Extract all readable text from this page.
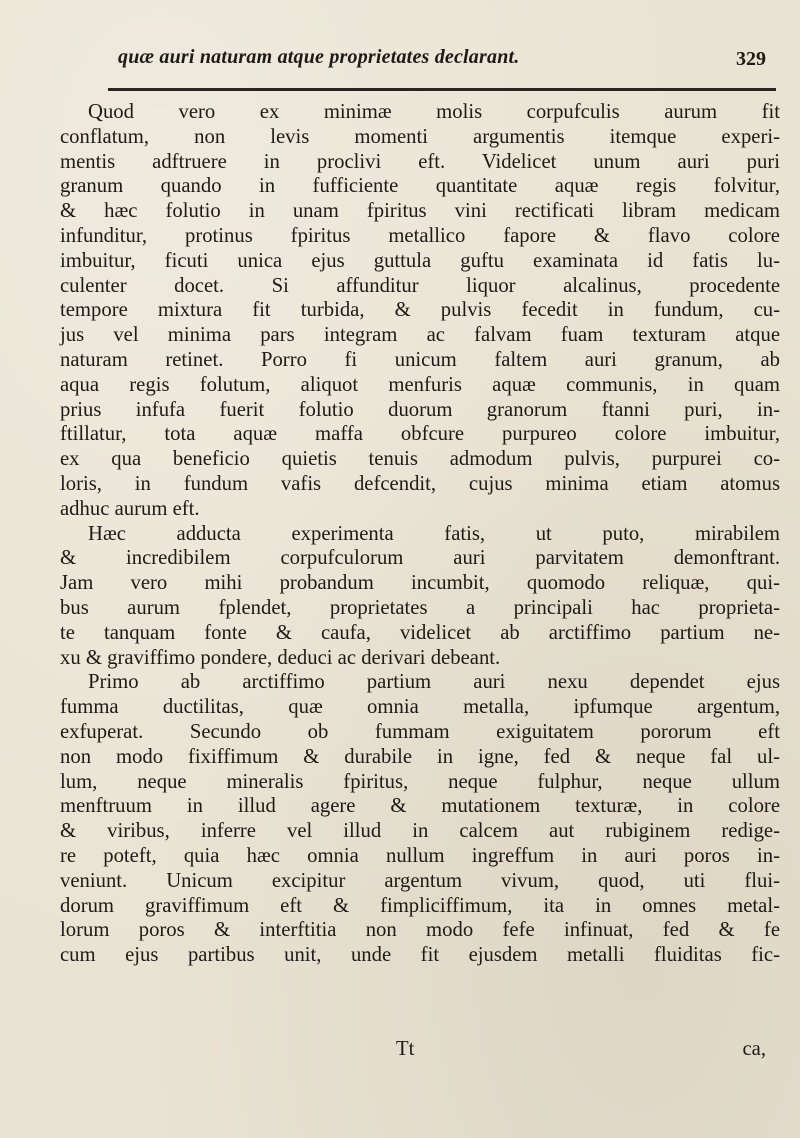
quæ auri naturam atque proprietates declarant.	329
Quod vero ex minimæ molis corpufculis aurum fit
conflatum, non levis momenti argumentis itemque experi-
mentis adftruere in proclivi eft. Videlicet unum auri puri
granum quando in fufficiente quantitate aquæ regis folvitur,
& hæc folutio in unam fpiritus vini rectificati libram medicam
infunditur, protinus fpiritus metallico fapore & flavo colore
imbuitur, ficuti unica ejus guttula guftu examinata id fatis lu-
culenter docet. Si affunditur liquor alcalinus, procedente
tempore mixtura fit turbida, & pulvis fecedit in fundum, cu-
jus vel minima pars integram ac falvam fuam texturam atque
naturam retinet. Porro fi unicum faltem auri granum, ab
aqua regis folutum, aliquot menfuris aquæ communis, in quam
prius infufa fuerit folutio duorum granorum ftanni puri, in-
ftillatur, tota aquæ maffa obfcure purpureo colore imbuitur,
ex qua beneficio quietis tenuis admodum pulvis, purpurei co-
loris, in fundum vafis defcendit, cujus minima etiam atomus
adhuc aurum eft.
Hæc adducta experimenta fatis, ut puto, mirabilem
& incredibilem corpufculorum auri parvitatem demonftrant.
Jam vero mihi probandum incumbit, quomodo reliquæ, qui-
bus aurum fplendet, proprietates a principali hac proprieta-
te tanquam fonte & caufa, videlicet ab arctiffimo partium ne-
xu & graviffimo pondere, deduci ac derivari debeant.
Primo ab arctiffimo partium auri nexu dependet ejus
fumma ductilitas, quæ omnia metalla, ipfumque argentum,
exfuperat. Secundo ob fummam exiguitatem pororum eft
non modo fixiffimum & durabile in igne, fed & neque fal ul-
lum, neque mineralis fpiritus, neque fulphur, neque ullum
menftruum in illud agere & mutationem texturæ, in colore
& viribus, inferre vel illud in calcem aut rubiginem redige-
re poteft, quia hæc omnia nullum ingreffum in auri poros in-
veniunt. Unicum excipitur argentum vivum, quod, uti flui-
dorum graviffimum eft & fimpliciffimum, ita in omnes metal-
lorum poros & interftitia non modo fefe infinuat, fed & fe
cum ejus partibus unit, unde fit ejusdem metalli fluiditas fic-
Tt	ca,
